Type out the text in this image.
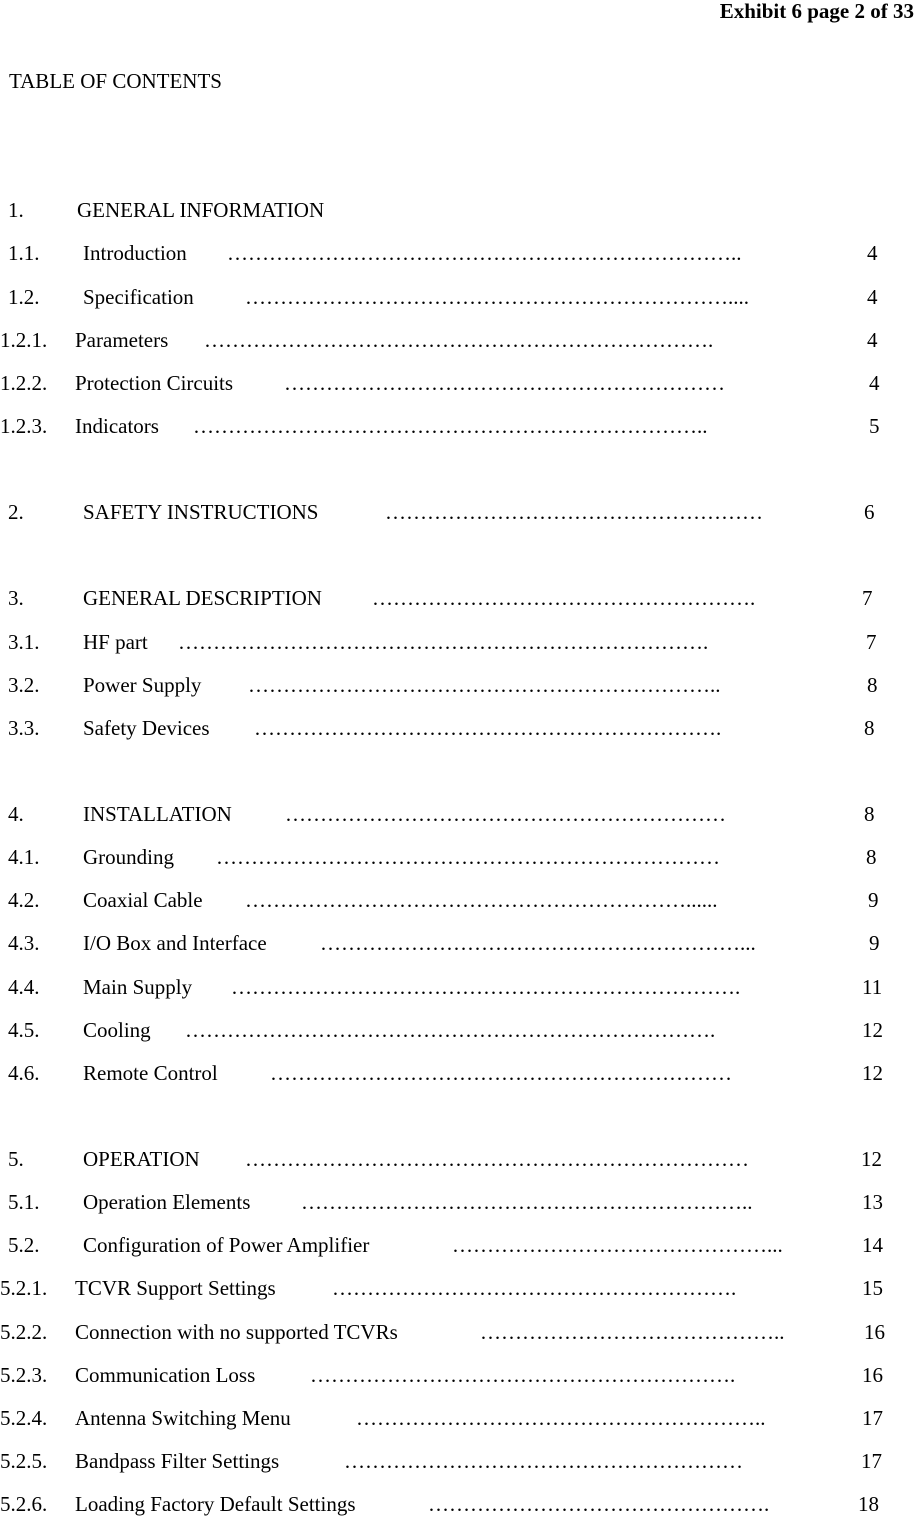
Exhibit 6 page 2 of 33
TABLE OF CONTENTS
1.	GENERAL INFORMATION
1.1. Introduction ………………………………………………………………..	4
1.2. Specification ……………………………………………………………....	4
1.2.1. Parameters ……………………………………………………………….	4
1.2.2. Protection Circuits ………………………………………………………	4
1.2.3. Indicators ………………………………………………………………..	5
2.	SAFETY INSTRUCTIONS	………………………………………………	6
3.	GENERAL DESCRIPTION ……………………………………………….	7
3.1. HF part ………………………………………………………………….	7
3.2. Power Supply …………………………………………………………..	8
3.3. Safety Devices ………………………………………………………….	8
4.	INSTALLATION	………………………………………………………	8
4.1. Grounding ………………………………………………………………	8
4.2. Coaxial Cable ………………………………………………………......	9
4.3. I/O Box and Interface	……………………………………………………...	9
4.4. Main Supply ……………………………………………………………….	11
4.5. Cooling ………………………………………………………………….	12
4.6. Remote Control …………………………………………………………	12
5.	OPERATION ………………………………………………………………	12
5.1. Operation Elements ………………………………………………………..	13
5.2. Configuration of Power Amplifier	………………………………………...	14
5.2.1. TCVR Support Settings	………………………………………………….	15
5.2.2. Connection with no supported TCVRs	……………………………………..	16
5.2.3. Communication Loss	…………………………………………………….	16
5.2.4. Antenna Switching Menu	…………………………………………………..	17
5.2.5. Bandpass Filter Settings	…………………………………………………	17
5.2.6. Loading Factory Default Settings	………………………………………….	18
